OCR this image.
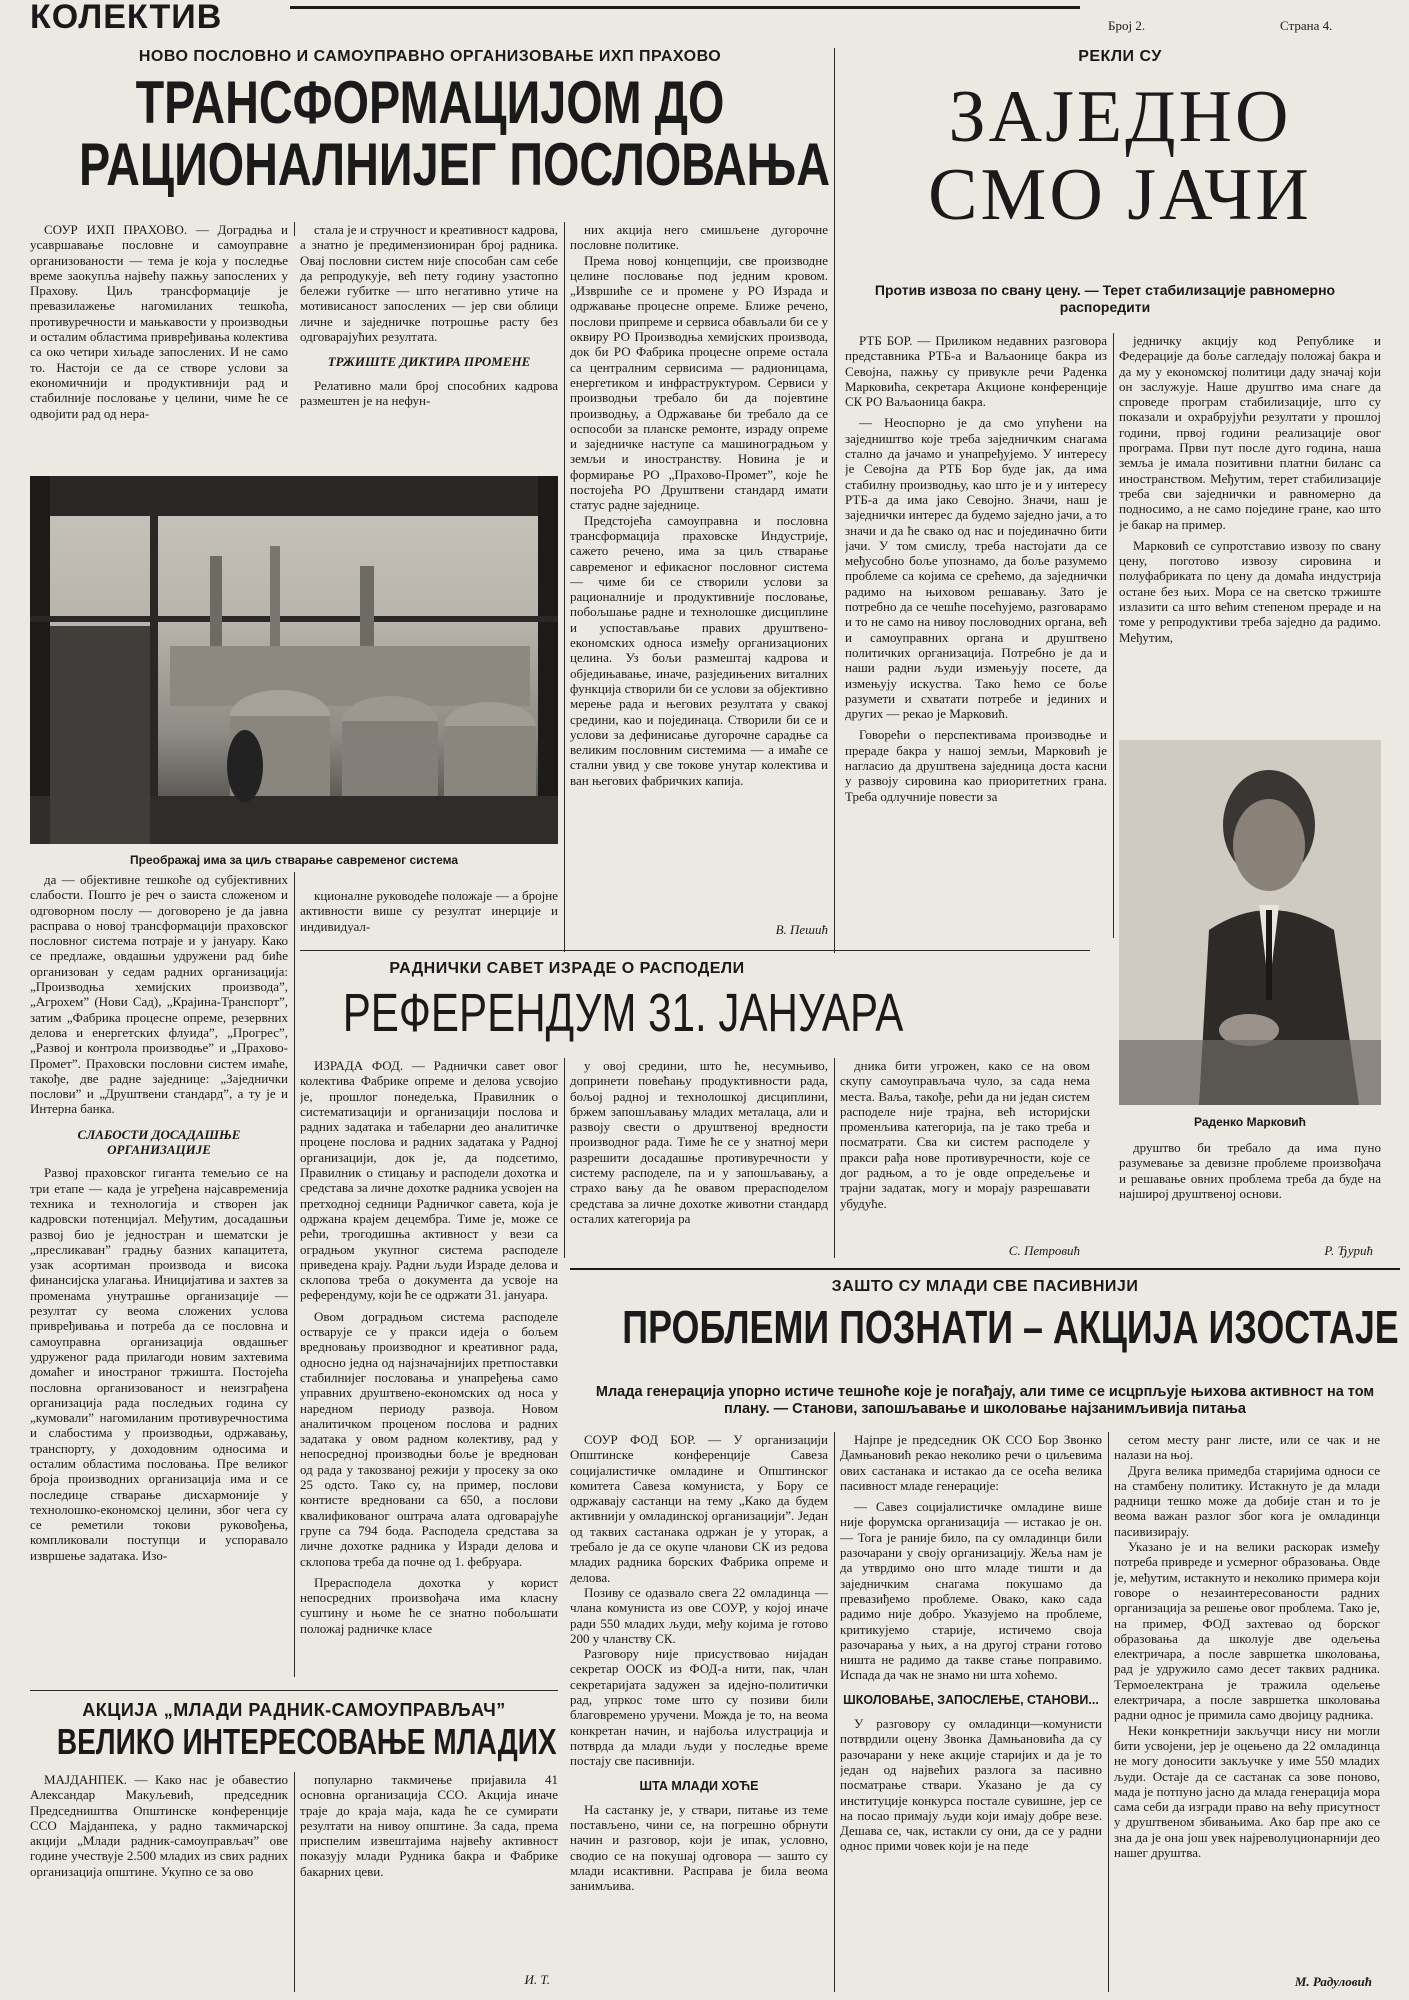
КОЛЕКТИВ	Број 2.	Страна 4.
НОВО ПОСЛОВНО И САМОУПРАВНО ОРГАНИЗОВАЊЕ ИХП ПРАХОВО
ТРАНСФОРМАЦИЈОМ ДО
РАЦИОНАЛНИЈЕГ ПОСЛОВАЊА

СОУР ИХП ПРАХОВО. — Доградња и усавршавање пословне и самоуправне организованости — тема је која у последње време заокупља највећу пажњу запослених у Прахову. Циљ трансформације је превазилажење нагомиланих тешкоћа, противуречности и мањкавости у производњи и осталим областима привређивања колектива са око четири хиљаде запослених. И не само то. Настоји се да се створе услови за економичнији и продуктивнији рад и стабилније пословање у целини, чиме ће се одвојити рад од нера-

стала је и стручност и креативност кадрова, а знатно је предимензиониран број радника. Овај пословни систем није способан сам себе да репродукује, већ пету годину узастопно бележи губитке — што негативно утиче на мотивисаност запослених — јер сви облици личне и заједничке потрошње расту без одговарајућих резултата.

ТРЖИШТЕ ДИКТИРА ПРОМЕНЕ

Релативно мали број способних кадрова размештен је на нефун-

них акција него смишљене дугорочне пословне политике.

Према новој концепцији, све производне целине пословање под једним кровом. „Извршиће се и промене у РО Израда и одржавање процесне опреме. Ближе речено, послови припреме и сервиса обављали би се у оквиру РО Производња хемијских производа, док би РО Фабрика процесне опреме остала са централним сервисима — радионицама, енергетиком и инфраструктуром. Сервиси у производњи требало би да појевтине производњу, а Одржавање би требало да се оспособи за планске ремонте, израду опреме и заједничке наступе са машиноградњом у земљи и иностранству. Новина је и формирање РО „Прахово-Промет”, које ће постојећа РО Друштвени стандард имати статус радне заједнице.

Предстојећа самоуправна и пословна трансформација праховске Индустрије, сажето речено, има за циљ стварање савременог и ефикасног пословног система — чиме би се створили услови за рационалније и продуктивније пословање, побољшање радне и технолошке дисциплине и успостављање правих друштвено-економских односа између организационих целина. Уз бољи размештај кадрова и обједињавање, иначе, разједињених виталних функција створили би се услови за објективно мерење рада и његових резултата у свакој средини, као и појединаца. Створили би се и услови за дефинисање дугорочне сарадње са великим пословним системима — а имаће се стални увид у све токове унутар колектива и ван његових фабричких капија.

В. Пешић
Преображај има за циљ стварање савременог система

да — објективне тешкоће од субјективних слабости. Пошто је реч о заиста сложеном и одговорном послу — договорено је да јавна расправа о новој трансформацији праховског пословног система потраје и у јануару. Како се предлаже, овдашњи удружени рад биће организован у седам радних организација: „Производња хемијских производа”, „Агрохем” (Нови Сад), „Крајина-Транспорт”, затим „Фабрика процесне опреме, резервних делова и енергетских флуида”, „Прогрес”, „Развој и контрола производње” и „Прахово-Промет”. Праховски пословни систем имаће, такође, две радне заједнице: „Заједнички послови” и „Друштвени стандард”, а ту је и Интерна банка.

СЛАБОСТИ ДОСАДАШЊЕ ОРГАНИЗАЦИЈЕ

Развој праховског гиганта темељио се на три етапе — када је угређена најсавременија техника и технологија и створен јак кадровски потенцијал. Међутим, досадашњи развој био је једностран и шематски је „пресликаван” градњу базних капацитета, узак асортиман производа и висока финансијска улагања. Иницијатива и захтев за променама унутрашње организације — резултат су веома сложених услова привређивања и потреба да се пословна и самоуправна организација овдашњег удруженог рада прилагоди новим захтевима домаћег и иностраног тржишта. Постојећа пословна организованост и неизграђена организација рада последњих година су „кумовали” нагомиланим противуречностима и слабостима у производњи, одржавању, транспорту, у доходовним односима и осталим областима пословања. Пре великог броја производних организација има и се последице стварање дисхармоније у технолошко-економској целини, због чега су се реметили токови руковођења, компликовали поступци и успоравало извршење задатака. Изо-

кционалне руководеће положаје — а бројне активности више су резултат инерције и индивидуал-

РАДНИЧКИ САВЕТ ИЗРАДЕ О РАСПОДЕЛИ
РЕФЕРЕНДУМ 31. ЈАНУАРА

ИЗРАДА ФОД. — Раднички савет овог колектива Фабрике опреме и делова усвојио је, прошлог понедељка, Правилник о систематизацији и организацији послова и радних задатака и табеларни део аналитичке процене послова и радних задатака у Радној организацији, док је, да подсетимо, Правилник о стицању и расподели дохотка и средстава за личне дохотке радника усвојен на претходној седници Радничког савета, која је одржана крајем децембра. Тиме је, може се рећи, трогодишња активност у вези са оградњом укупног система расподеле приведена крају. Радни људи Израде делова и склопова треба о документа да усвоје на референдуму, који ће се одржати 31. јануара.

Овом доградњом система расподеле остварује се у пракси идеја о бољем вредновању производног и креативног рада, односно једна од најзначајнијих претпоставки стабилнијег пословања и унапређења само управних друштвено-економских од носа у наредном периоду развоја. Новом аналитичком проценом послова и радних задатака у овом радном колективу, рад у непосредној производњи боље је вреднован од рада у такозваној режији у просеку за око 25 одсто. Тако су, на пример, послови контисте вредновани са 650, а послови квалификованог оштрача алата одговарајуће групе са 794 бода. Расподела средстава за личне дохотке радника у Изради делова и склопова треба да почне од 1. фебруара.

Прерасподела дохотка у корист непосредних произвођача има класну суштину и њоме ће се знатно побољшати положај радничке класе

у овој средини, што ће, несумњиво, допринети повећању продуктивности рада, бољој радној и технолошкој дисциплини, бржем запошљавању младих металаца, али и развоју свести о друштвеној вредности производног рада. Тиме ће се у знатној мери разрешити досадашње противуречности у систему расподеле, па и у запошљавању, а страхо вању да ће овавом прерасподелом средстава за личне дохотке животни стандард осталих категорија ра

дника бити угрожен, како се на овом скупу самоуправљача чуло, за сада нема места. Ваља, такође, рећи да ни један систем расподеле није трајна, већ историјски променљива категорија, па је тако треба и посматрати. Сва ки систем расподеле у пракси рађа нове противуречности, које се дог радњом, а то је овде опредељење и трајни задатак, могу и морају разрешавати убудуће.

С. Петровић
АКЦИЈА „МЛАДИ РАДНИК-САМОУПРАВЉАЧ”
ВЕЛИКО ИНТЕРЕСОВАЊЕ МЛАДИХ

МАЈДАНПЕК. — Како нас је обавестио Александар Макуљевић, председник Председништва Општинске конференције ССО Мајданпека, у радно такмичарској акцији „Млади радник-самоуправљач” ове године учествује 2.500 младих из свих радних организација општине. Укупно се за ово

популарно такмичење пријавила 41 основна организација ССО. Акција иначе траје до краја маја, када ће се сумирати резултати на нивоу општине. За сада, према приспелим извештајима највећу активност показују млади Рудника бакра и Фабрике бакарних цеви.

И. Т.
РЕКЛИ СУ
ЗАЈЕДНО
СМО ЈАЧИ
Против извоза по свану цену. — Терет стабилизације равномерно распоредити

РТБ БОР. — Приликом недавних разговора представника РТБ-а и Ваљаонице бакра из Севојна, пажњу су привукле речи Раденка Марковића, секретара Акционе конференције СК РО Ваљаоница бакра.

— Неоспорно је да смо упућени на заједништво које треба заједничким снагама стално да јачамо и унапређујемо. У интересу је Севојна да РТБ Бор буде јак, да има стабилну производњу, као што је и у интересу РТБ-а да има јако Севојно. Значи, наш је заједнички интерес да будемо заједно јачи, а то значи и да ће свако од нас и појединачно бити јачи. У том смислу, треба настојати да се међусобно боље упознамо, да боље разумемо проблеме са којима се срећемо, да заједнички радимо на њиховом решавању. Зато је потребно да се чешће посећујемо, разговарамо и то не само на нивоу пословодних органа, већ и самоуправних органа и друштвено политичких организација. Потребно је да и наши радни људи измењују посете, да измењују искуства. Тако ћемо се боље разумети и схватати потребе и јединих и других — рекао је Марковић.

Говорећи о перспективама производње и прераде бакра у нашој земљи, Марковић је нагласио да друштвена заједница доста касни у развоју сировина као приоритетних грана. Треба одлучније повести за

једничку акцију код Републике и Федерације да боље сагледају положај бакра и да му у економској политици даду значај који он заслужује. Наше друштво има снаге да спроведе програм стабилизације, што су показали и охрабрујући резултати у прошлој години, првој години реализације овог програма. Први пут после дуго година, наша земља је имала позитивни платни биланс са иностранством. Међутим, терет стабилизације треба сви заједнички и равномерно да подносимо, а не само поједине гране, као што је бакар на пример.

Марковић се супротставио извозу по свану цену, поготово извозу сировина и полуфабриката по цену да домаћа индустрија остане без њих. Мора се на светско тржиште излазити са што већим степеном прераде и на томе у репродуктиви треба заједно да радимо. Међутим,

Раденко Марковић

друштво би требало да има пуно разумевање за девизне проблеме произвођача и решавање овних проблема треба да буде на најширој друштвеној основи.

Р. Ђурић
ЗАШТО СУ МЛАДИ СВЕ ПАСИВНИЈИ
ПРОБЛЕМИ ПОЗНАТИ – АКЦИЈА ИЗОСТАЈЕ
Млада генерација упорно истиче тешноће које је погађају, али тиме се исцрпљује њихова активност на том плану. — Станови, запошљавање и школовање најзанимљивија питања

СОУР ФОД БОР. — У организацији Општинске конференције Савеза социјалистичке омладине и Општинског комитета Савеза комуниста, у Бору се одржавају састанци на тему „Како да будем активнији у омладинској организацији”. Један од таквих састанака одржан је у уторак, а требало је да се окупе чланови СК из редова младих радника борских Фабрика опреме и делова.

Позиву се одазвало свега 22 омладинца — члана комуниста из ове СОУР, у којој иначе ради 550 младих људи, међу којима је готово 200 у чланству СК.

Разговору није присуствовао нијадан секретар ООСК из ФОД-а нити, пак, члан секретаријата задужен за идејно-политички рад, упркос томе што су позиви били благовремено уручени. Можда је то, на веома конкретан начин, и најбоља илустрација и потврда да млади људи у последње време постају све пасивнији.

ШТА МЛАДИ ХОЋЕ

На састанку је, у ствари, питање из теме постављено, чини се, на погрешно обрнути начин и разговор, који је ипак, условно, сводио се на покушај одговора — зашто су млади исактивни. Расправа је била веома занимљива.

Најпре је председник ОК ССО Бор Звонко Дамњановић рекао неколико речи о циљевима ових састанака и истакао да се осећа велика пасивност младе генерације:

— Савез социјалистичке омладине више није форумска организација — истакао је он. — Тога је раније било, па су омладинци били разочарани у своју организацију. Жеља нам је да утврдимо оно што младе тишти и да заједничким снагама покушамо да превазиђемо проблеме. Овако, како сада радимо није добро. Указујемо на проблеме, критикујемо старије, истичемо своја разочарања у њих, а на другој страни готово ништа не радимо да такве стање поправимо. Испада да чак не знамо ни шта хоћемо.

ШКОЛОВАЊЕ, ЗАПОСЛЕЊЕ, СТАНОВИ...

У разговору су омладинци—комунисти потврдили оцену Звонка Дамњановића да су разочарани у неке акције старијих и да је то један од највећих разлога за пасивно посматрање ствари. Указано је да су институције конкурса постале сувишне, јер се на посао примају људи који имају добре везе. Дешава се, чак, истакли су они, да се у радни однос прими човек који је на педе

сетом месту ранг листе, или се чак и не налази на њој.

Друга велика примедба старијима односи се на стамбену политику. Истакнуто је да млади радници тешко може да добије стан и то је веома важан разлог због кога је омладинци пасивизирају.

Указано је и на велики раскорак између потреба привреде и усмерног образовања. Овде је, међутим, истакнуто и неколико примера који говоре о незаинтересованости радних организација за решење овог проблема. Тако је, на пример, ФОД захтевао од борског образовања да школује две одељења електричара, а после завршетка школовања, рад је удружило само десет таквих радника. Термоелектрана је тражила одељење електричара, а после завршетка школовања радни однос је примила само двојицу радника.

Неки конкретнији закључци нису ни могли бити усвојени, јер је оцењено да 22 омладинца не могу доносити закључке у име 550 младих људи. Остаје да се састанак са зове поново, мада је потпуно јасно да млада генерација мора сама себи да изгради право на већу присутност у друштвеном збивањима. Ако бар пре ако се зна да је она још увек најреволуционарнији део нашег друштва.

М. Радуловић
